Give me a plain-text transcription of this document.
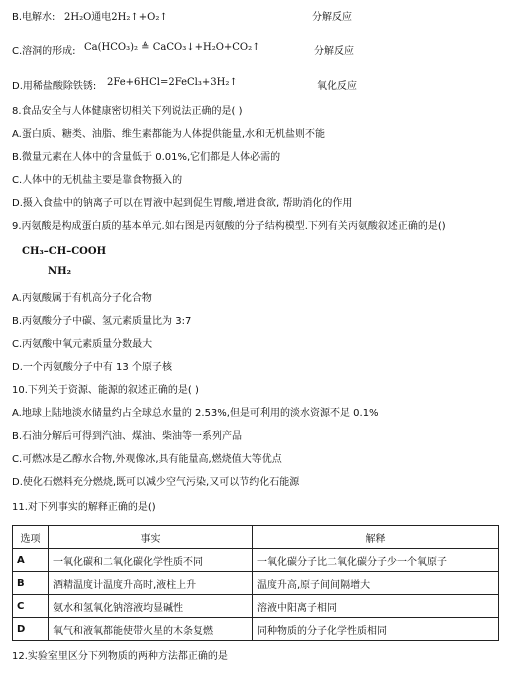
B.电解水: 2H₂O通电2H₂↑+O₂↑	分解反应
C.溶洞的形成: Ca(HCO₃)₂ ≜ CaCO₃↓+H₂O+CO₂↑	分解反应
D.用稀盐酸除铁锈: 2Fe+6HCl=2FeCl₃+3H₂↑	氧化反应
8.食品安全与人体健康密切相关下列说法正确的是( )
A.蛋白质、糖类、油脂、维生素都能为人体提供能量,水和无机盐则不能
B.微量元素在人体中的含量低于 0.01%,它们都是人体必需的
C.人体中的无机盐主要是靠食物摄入的
D.摄入食盐中的钠离子可以在胃液中起到促生胃酸,增进食欲, 帮助消化的作用
9.丙氨酸是构成蛋白质的基本单元.如右图是丙氨酸的分子结构模型.下列有关丙氨酸叙述正确的是()
CH₃–CH–COOH
NH₂
A.丙氨酸属于有机高分子化合物
B.丙氨酸分子中碳、氢元素质量比为 3:7
C.丙氨酸中氧元素质量分数最大
D.一个丙氨酸分子中有 13 个原子核
10.下列关于资源、能源的叙述正确的是( )
A.地球上陆地淡水储量约占全球总水量的 2.53%,但是可利用的淡水资源不足 0.1%
B.石油分解后可得到汽油、煤油、柴油等一系列产品
C.可燃冰是乙醇水合物,外观像冰,具有能量高,燃烧值大等优点
D.使化石燃料充分燃烧,既可以减少空气污染,又可以节约化石能源
11.对下列事实的解释正确的是()
选项	事实	解释
A	一氧化碳和二氧化碳化学性质不同	一氧化碳分子比二氧化碳分子少一个氧原子
B	酒精温度计温度升高时,液柱上升	温度升高,原子间间隔增大
C	氨水和氢氧化钠溶液均显碱性	溶液中阳离子相同
D	氧气和液氧都能使带火星的木条复燃	同种物质的分子化学性质相同
12.实验室里区分下列物质的两种方法都正确的是
